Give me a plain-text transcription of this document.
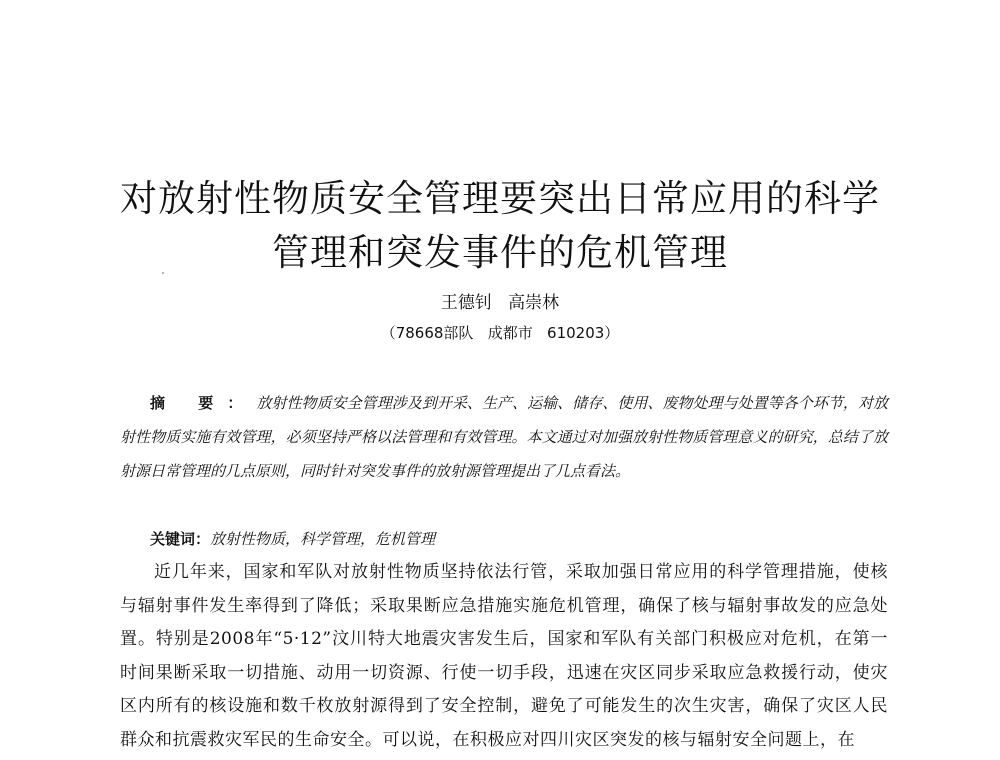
对放射性物质安全管理要突出日常应用的科学
管理和突发事件的危机管理
王德钊   高崇林
（78668部队   成都市   610203）
摘 要：放射性物质安全管理涉及到开采、生产、运输、储存、使用、废物处理与处置等各个环节，对放射性物质实施有效管理，必须坚持严格以法管理和有效管理。本文通过对加强放射性物质管理意义的研究，总结了放射源日常管理的几点原则，同时针对突发事件的放射源管理提出了几点看法。
关键词：放射性物质，科学管理，危机管理
近几年来，国家和军队对放射性物质坚持依法行管，采取加强日常应用的科学管理措施，使核与辐射事件发生率得到了降低；采取果断应急措施实施危机管理，确保了核与辐射事故发的应急处置。特别是2008年“5·12”汶川特大地震灾害发生后，国家和军队有关部门积极应对危机，在第一时间果断采取一切措施、动用一切资源、行使一切手段，迅速在灾区同步采取应急救援行动，使灾区内所有的核设施和数千枚放射源得到了安全控制，避免了可能发生的次生灾害，确保了灾区人民群众和抗震救灾军民的生命安全。可以说，在积极应对四川灾区突发的核与辐射安全问题上，在
